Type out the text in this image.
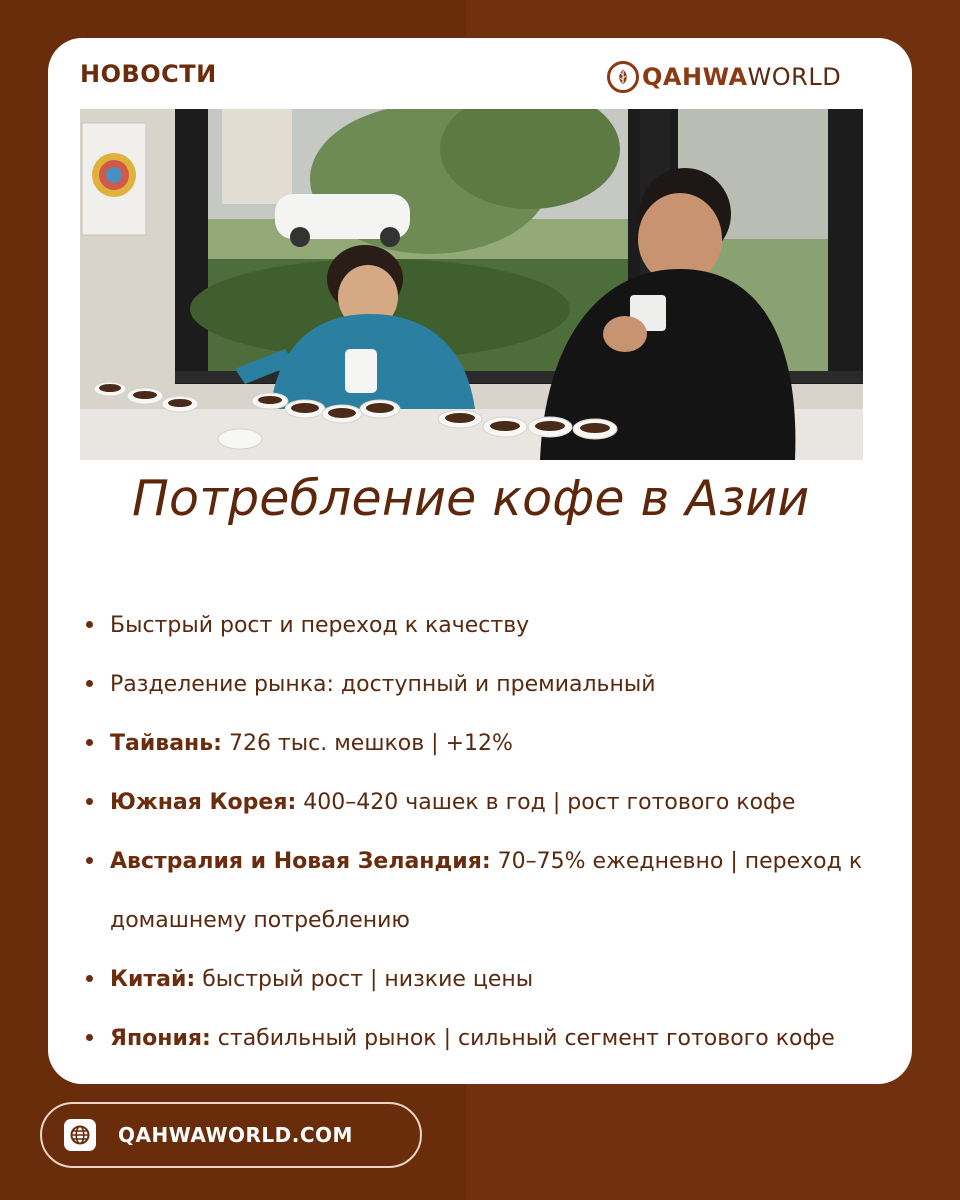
НОВОСТИ	QAHWA WORLD
Потребление кофе в Азии
Быстрый рост и переход к качеству
Разделение рынка: доступный и премиальный
Тайвань: 726 тыс. мешков | +12%
Южная Корея: 400–420 чашек в год | рост готового кофе
Австралия и Новая Зеландия: 70–75% ежедневно | переход к домашнему потреблению
Китай: быстрый рост | низкие цены
Япония: стабильный рынок | сильный сегмент готового кофе
QAHWAWORLD.COM
